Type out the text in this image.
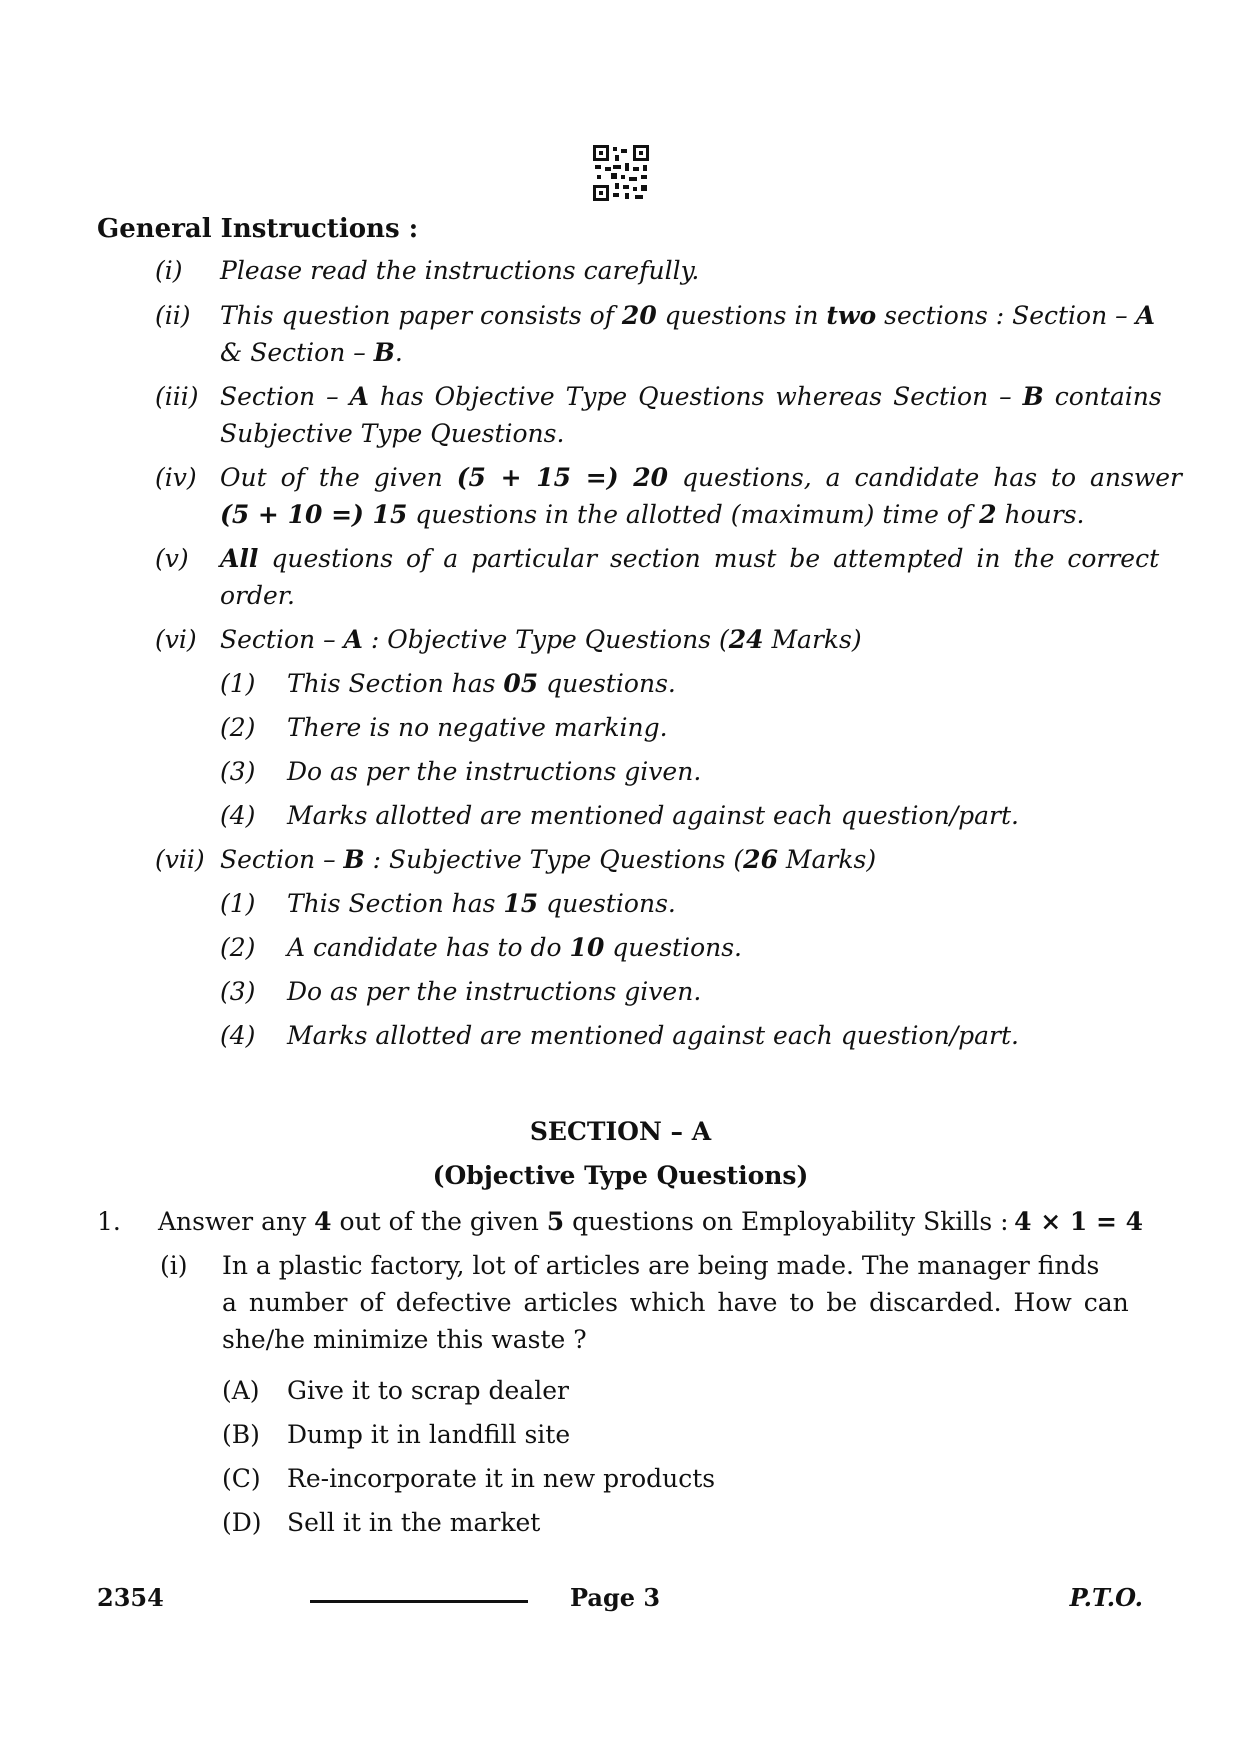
General Instructions :
(i) Please read the instructions carefully.
(ii) This question paper consists of 20 questions in two sections : Section – A
& Section – B.
(iii) Section – A has Objective Type Questions whereas Section – B contains
Subjective Type Questions.
(iv) Out of the given (5 + 15 =) 20 questions, a candidate has to answer
(5 + 10 =) 15 questions in the allotted (maximum) time of 2 hours.
(v) All questions of a particular section must be attempted in the correct
order.
(vi) Section – A : Objective Type Questions (24 Marks)
(1) This Section has 05 questions.
(2) There is no negative marking.
(3) Do as per the instructions given.
(4) Marks allotted are mentioned against each question/part.
(vii) Section – B : Subjective Type Questions (26 Marks)
(1) This Section has 15 questions.
(2) A candidate has to do 10 questions.
(3) Do as per the instructions given.
(4) Marks allotted are mentioned against each question/part.
SECTION – A
(Objective Type Questions)
1. Answer any 4 out of the given 5 questions on Employability Skills : 4 × 1 = 4
(i) In a plastic factory, lot of articles are being made. The manager finds
a number of defective articles which have to be discarded. How can
she/he minimize this waste ?
(A) Give it to scrap dealer
(B) Dump it in landfill site
(C) Re-incorporate it in new products
(D) Sell it in the market
2354	Page 3	P.T.O.
